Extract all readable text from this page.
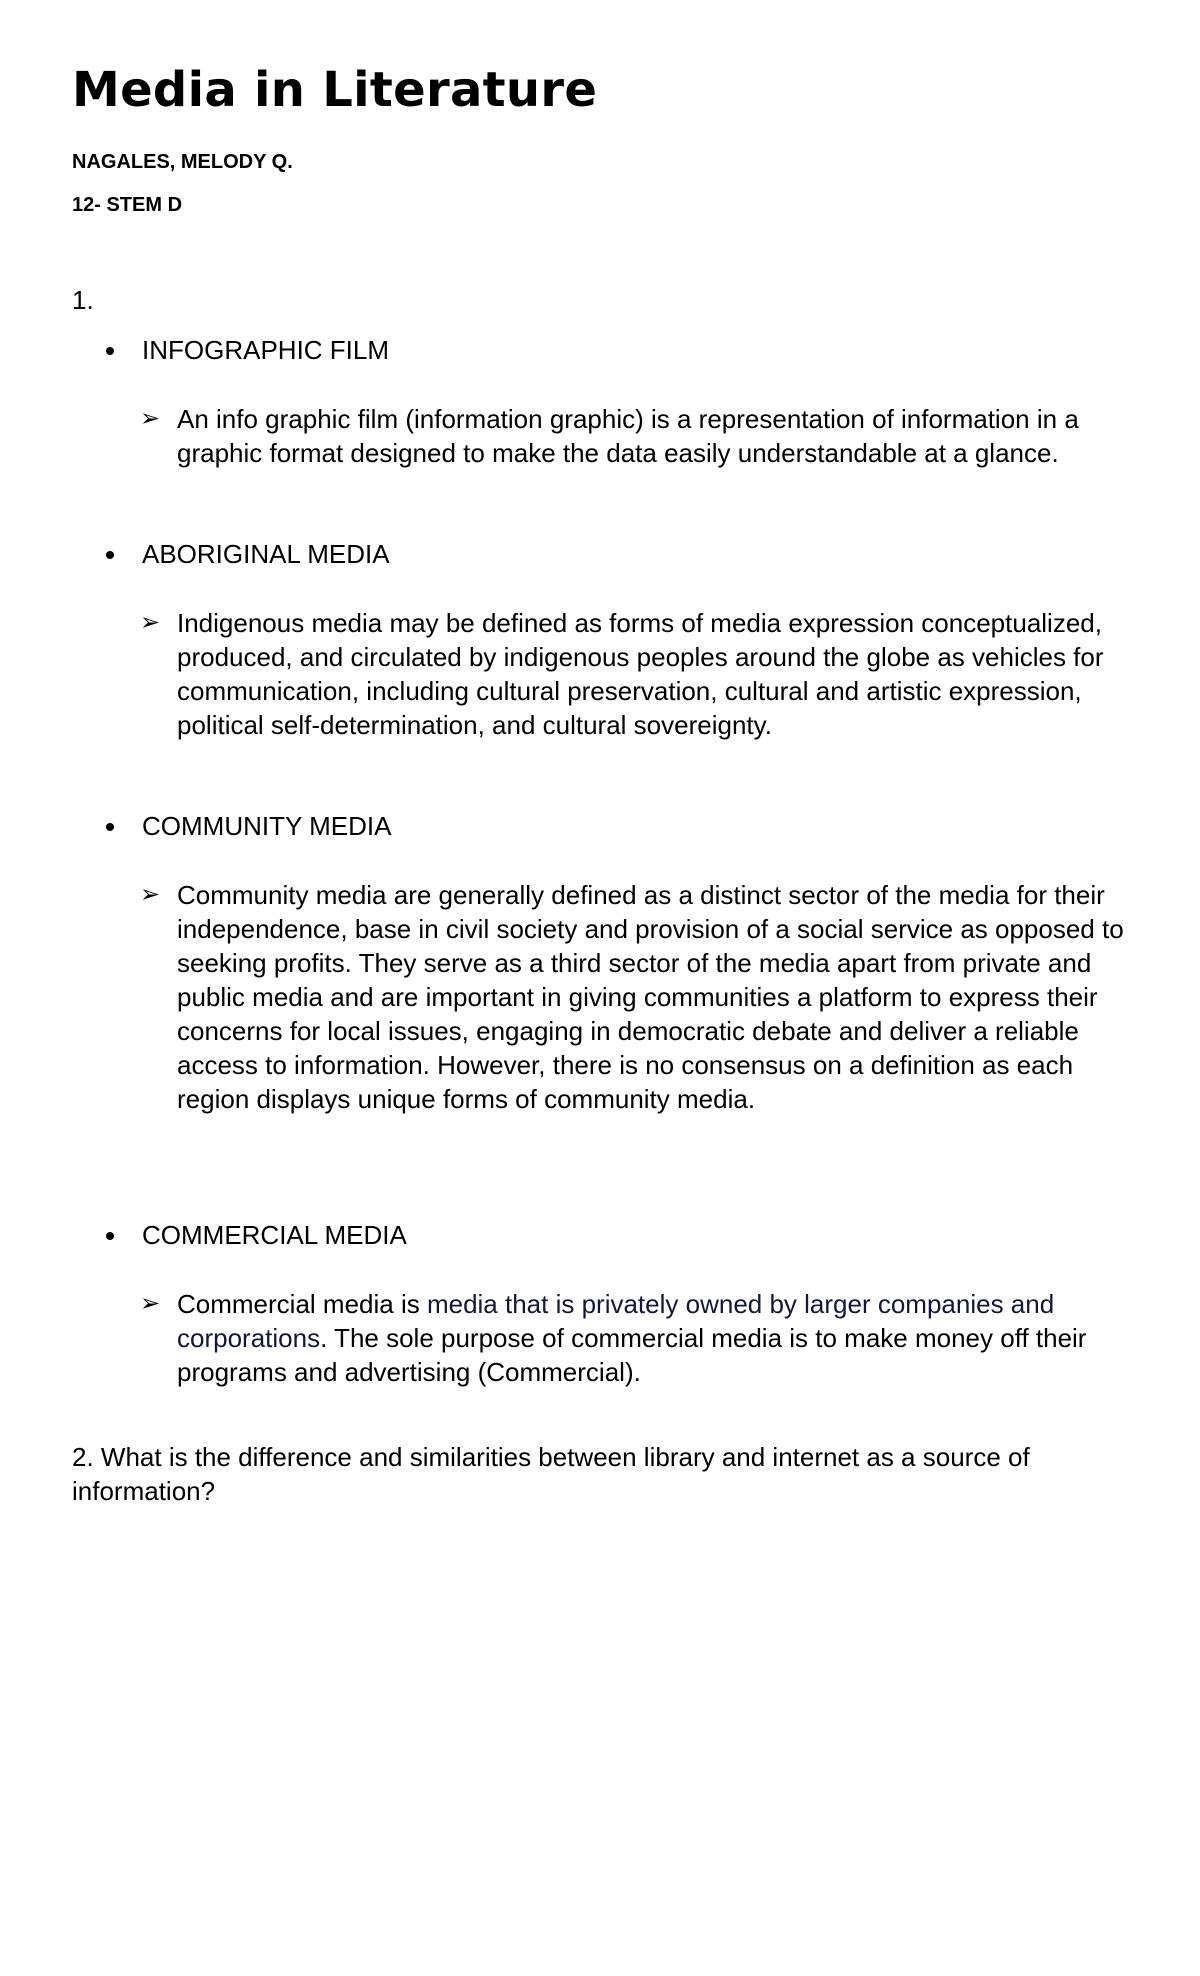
Media in Literature
NAGALES, MELODY Q.
12- STEM D
1.
INFOGRAPHIC FILM
➢ An info graphic film (information graphic) is a representation of information in a graphic format designed to make the data easily understandable at a glance.
ABORIGINAL MEDIA
➢ Indigenous media may be defined as forms of media expression conceptualized, produced, and circulated by indigenous peoples around the globe as vehicles for communication, including cultural preservation, cultural and artistic expression, political self-determination, and cultural sovereignty.
COMMUNITY MEDIA
➢ Community media are generally defined as a distinct sector of the media for their independence, base in civil society and provision of a social service as opposed to seeking profits. They serve as a third sector of the media apart from private and public media and are important in giving communities a platform to express their concerns for local issues, engaging in democratic debate and deliver a reliable access to information. However, there is no consensus on a definition as each region displays unique forms of community media.
COMMERCIAL MEDIA
➢ Commercial media is media that is privately owned by larger companies and corporations. The sole purpose of commercial media is to make money off their programs and advertising (Commercial).
2. What is the difference and similarities between library and internet as a source of information?
